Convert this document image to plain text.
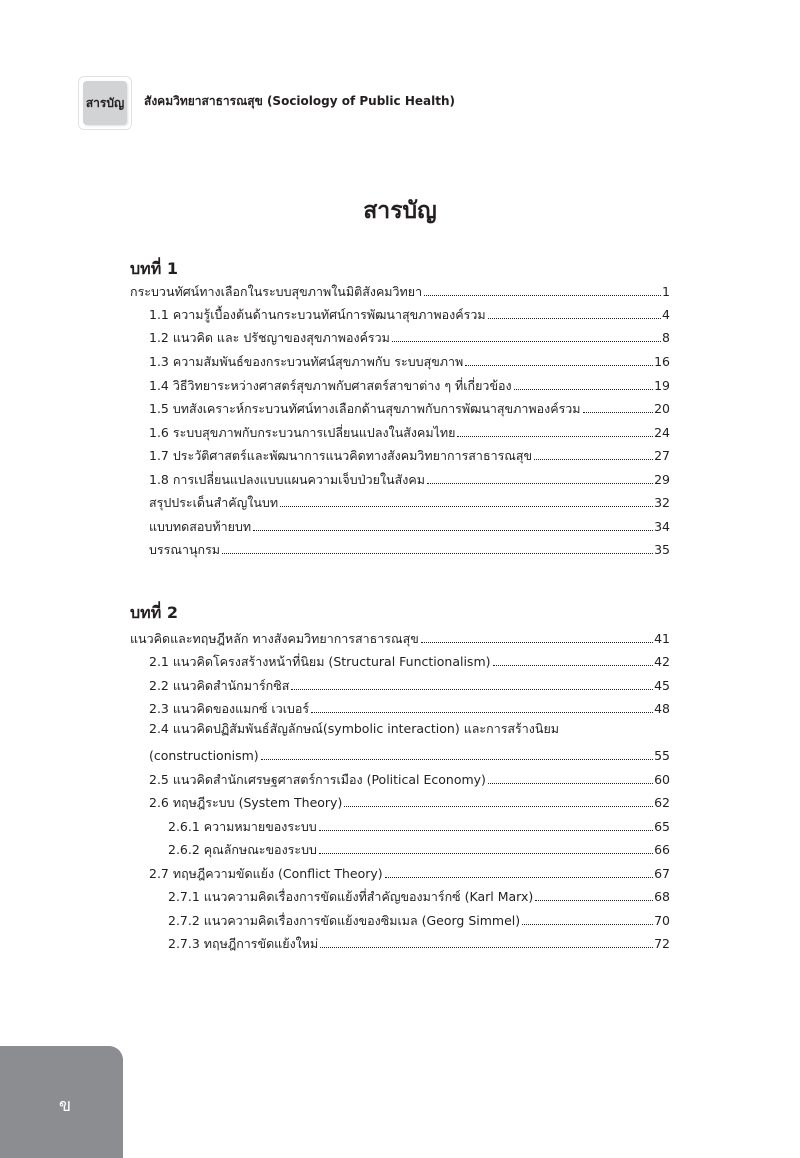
สารบัญ สังคมวิทยาสาธารณสุข (Sociology of Public Health)
สารบัญ
บทที่ 1
กระบวนทัศน์ทางเลือกในระบบสุขภาพในมิติสังคมวิทยา	1
1.1 ความรู้เบื้องต้นด้านกระบวนทัศน์การพัฒนาสุขภาพองค์รวม	4
1.2 แนวคิด และ ปรัชญาของสุขภาพองค์รวม	8
1.3 ความสัมพันธ์ของกระบวนทัศน์สุขภาพกับ ระบบสุขภาพ	16
1.4 วิธีวิทยาระหว่างศาสตร์สุขภาพกับศาสตร์สาขาต่าง ๆ ที่เกี่ยวข้อง	19
1.5 บทสังเคราะห์กระบวนทัศน์ทางเลือกด้านสุขภาพกับการพัฒนาสุขภาพองค์รวม	20
1.6 ระบบสุขภาพกับกระบวนการเปลี่ยนแปลงในสังคมไทย	24
1.7 ประวัติศาสตร์และพัฒนาการแนวคิดทางสังคมวิทยาการสาธารณสุข	27
1.8 การเปลี่ยนแปลงแบบแผนความเจ็บป่วยในสังคม	29
สรุปประเด็นสำคัญในบท	32
แบบทดสอบท้ายบท	34
บรรณานุกรม	35
บทที่ 2
แนวคิดและทฤษฎีหลัก ทางสังคมวิทยาการสาธารณสุข	41
2.1 แนวคิดโครงสร้างหน้าที่นิยม (Structural Functionalism)	42
2.2 แนวคิดสำนักมาร์กซิส	45
2.3 แนวคิดของแมกซ์ เวเบอร์	48
2.4 แนวคิดปฏิสัมพันธ์สัญลักษณ์(symbolic interaction) และการสร้างนิยม
(constructionism)	55
2.5 แนวคิดสำนักเศรษฐศาสตร์การเมือง (Political Economy)	60
2.6 ทฤษฎีระบบ (System Theory)	62
2.6.1 ความหมายของระบบ	65
2.6.2 คุณลักษณะของระบบ	66
2.7 ทฤษฎีความขัดแย้ง (Conflict Theory)	67
2.7.1 แนวความคิดเรื่องการขัดแย้งที่สำคัญของมาร์กซ์ (Karl Marx)	68
2.7.2 แนวความคิดเรื่องการขัดแย้งของซิมเมล (Georg Simmel)	70
2.7.3 ทฤษฎีการขัดแย้งใหม่	72
ข
